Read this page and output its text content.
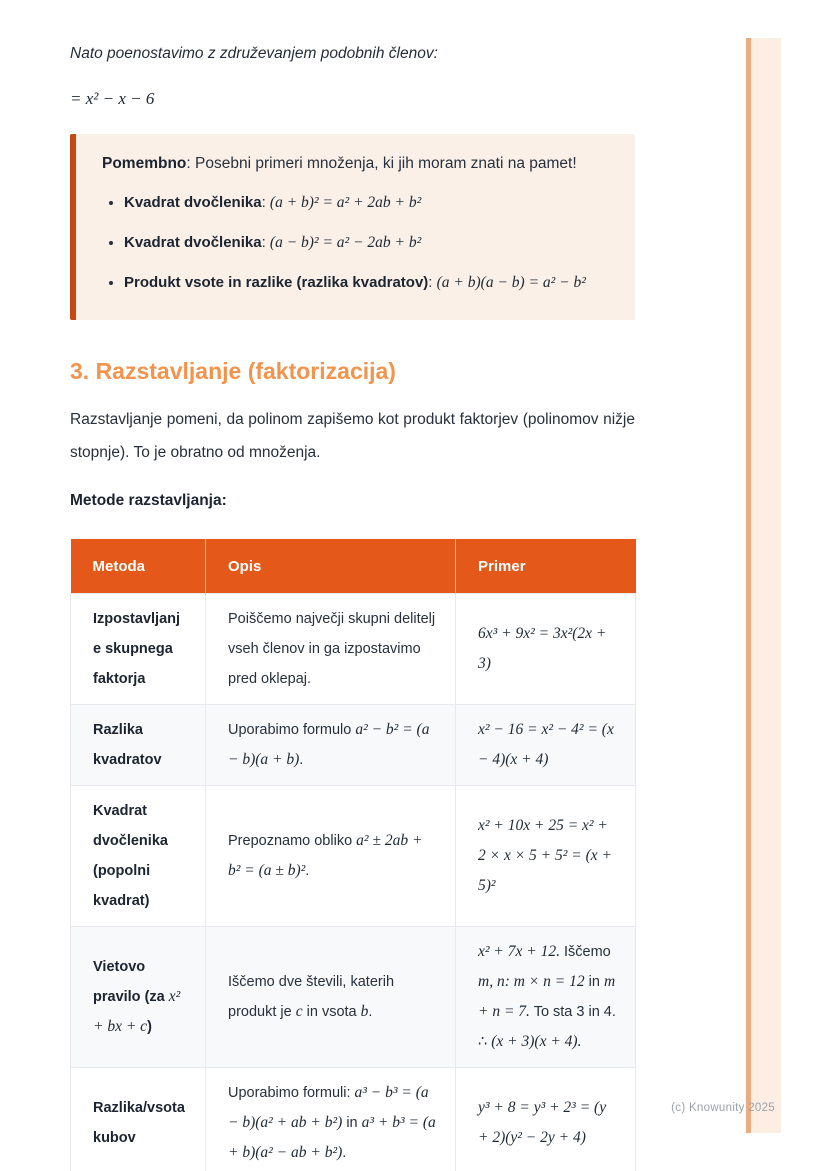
Nato poenostavimo z združevanjem podobnih členov:

= x² − x − 6

Pomembno: Posebni primeri množenja, ki jih moram znati na pamet!

• Kvadrat dvočlenika: (a + b)² = a² + 2ab + b²
• Kvadrat dvočlenika: (a − b)² = a² − 2ab + b²
• Produkt vsote in razlike (razlika kvadratov): (a + b)(a − b) = a² − b²
3. Razstavljanje (faktorizacija)

Razstavljanje pomeni, da polinom zapišemo kot produkt faktorjev (polinomov nižje stopnje). To je obratno od množenja.

Metode razstavljanja:

Metoda	Opis	Primer
Izpostavljanje skupnega faktorja	Poiščemo največji skupni delitelj vseh členov in ga izpostavimo pred oklepaj.	6x³ + 9x² = 3x²(2x + 3)
Razlika kvadratov	Uporabimo formulo a² − b² = (a − b)(a + b).	x² − 16 = x² − 4² = (x − 4)(x + 4)
Kvadrat dvočlenika (popolni kvadrat)	Prepoznamo obliko a² ± 2ab + b² = (a ± b)².	x² + 10x + 25 = x² + 2 × x × 5 + 5² = (x + 5)²
Vietovo pravilo (za x² + bx + c)	Iščemo dve števili, katerih produkt je c in vsota b.	x² + 7x + 12. Iščemo m, n: m × n = 12 in m + n = 7. To sta 3 in 4. ∴ (x + 3)(x + 4).
Razlika/vsota kubov	Uporabimo formuli: a³ − b³ = (a − b)(a² + ab + b²) in a³ + b³ = (a + b)(a² − ab + b²).	y³ + 8 = y³ + 2³ = (y + 2)(y² − 2y + 4)

(c) Knowunity 2025
